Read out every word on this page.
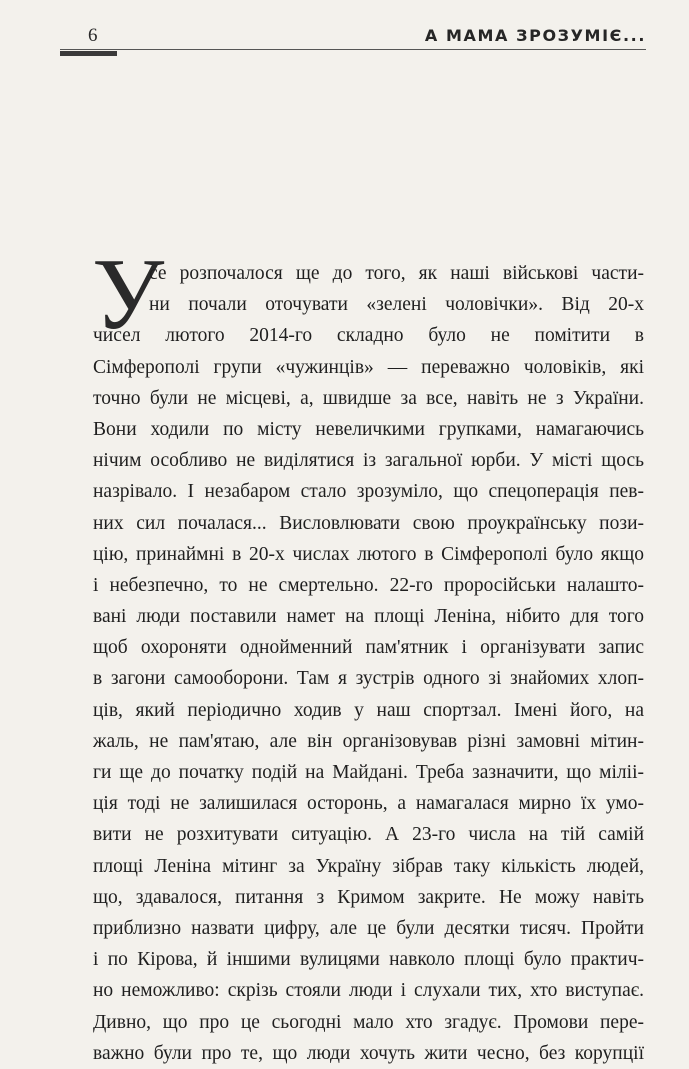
6	А МАМА ЗРОЗУМІЄ...
У
се розпочалося ще до того, як наші військові части-
ни почали оточувати «зелені чоловічки». Від 20-х
чисел лютого 2014-го складно було не помітити в
Сімферополі групи «чужинців» — переважно чоловіків, які
точно були не місцеві, а, швидше за все, навіть не з України.
Вони ходили по місту невеличкими групками, намагаючись
нічим особливо не виділятися із загальної юрби. У місті щось
назрівало. І незабаром стало зрозуміло, що спецоперація пев-
них сил почалася... Висловлювати свою проукраїнську пози-
цію, принаймні в 20-х числах лютого в Сімферополі було якщо
і небезпечно, то не смертельно. 22-го проросійськи налашто-
вані люди поставили намет на площі Леніна, нібито для того
щоб охороняти однойменний пам'ятник і організувати запис
в загони самооборони. Там я зустрів одного зі знайомих хлоп-
ців, який періодично ходив у наш спортзал. Імені його, на
жаль, не пам'ятаю, але він організовував різні замовні мітин-
ги ще до початку подій на Майдані. Треба зазначити, що міліі-
ція тоді не залишилася осторонь, а намагалася мирно їх умо-
вити не розхитувати ситуацію. А 23-го числа на тій самій
площі Леніна мітинг за Україну зібрав таку кількість людей,
що, здавалося, питання з Кримом закрите. Не можу навіть
приблизно назвати цифру, але це були десятки тисяч. Пройти
і по Кірова, й іншими вулицями навколо площі було практич-
но неможливо: скрізь стояли люди і слухали тих, хто виступає.
Дивно, що про це сьогодні мало хто згадує. Промови пере-
важно були про те, що люди хочуть жити чесно, без корупції
